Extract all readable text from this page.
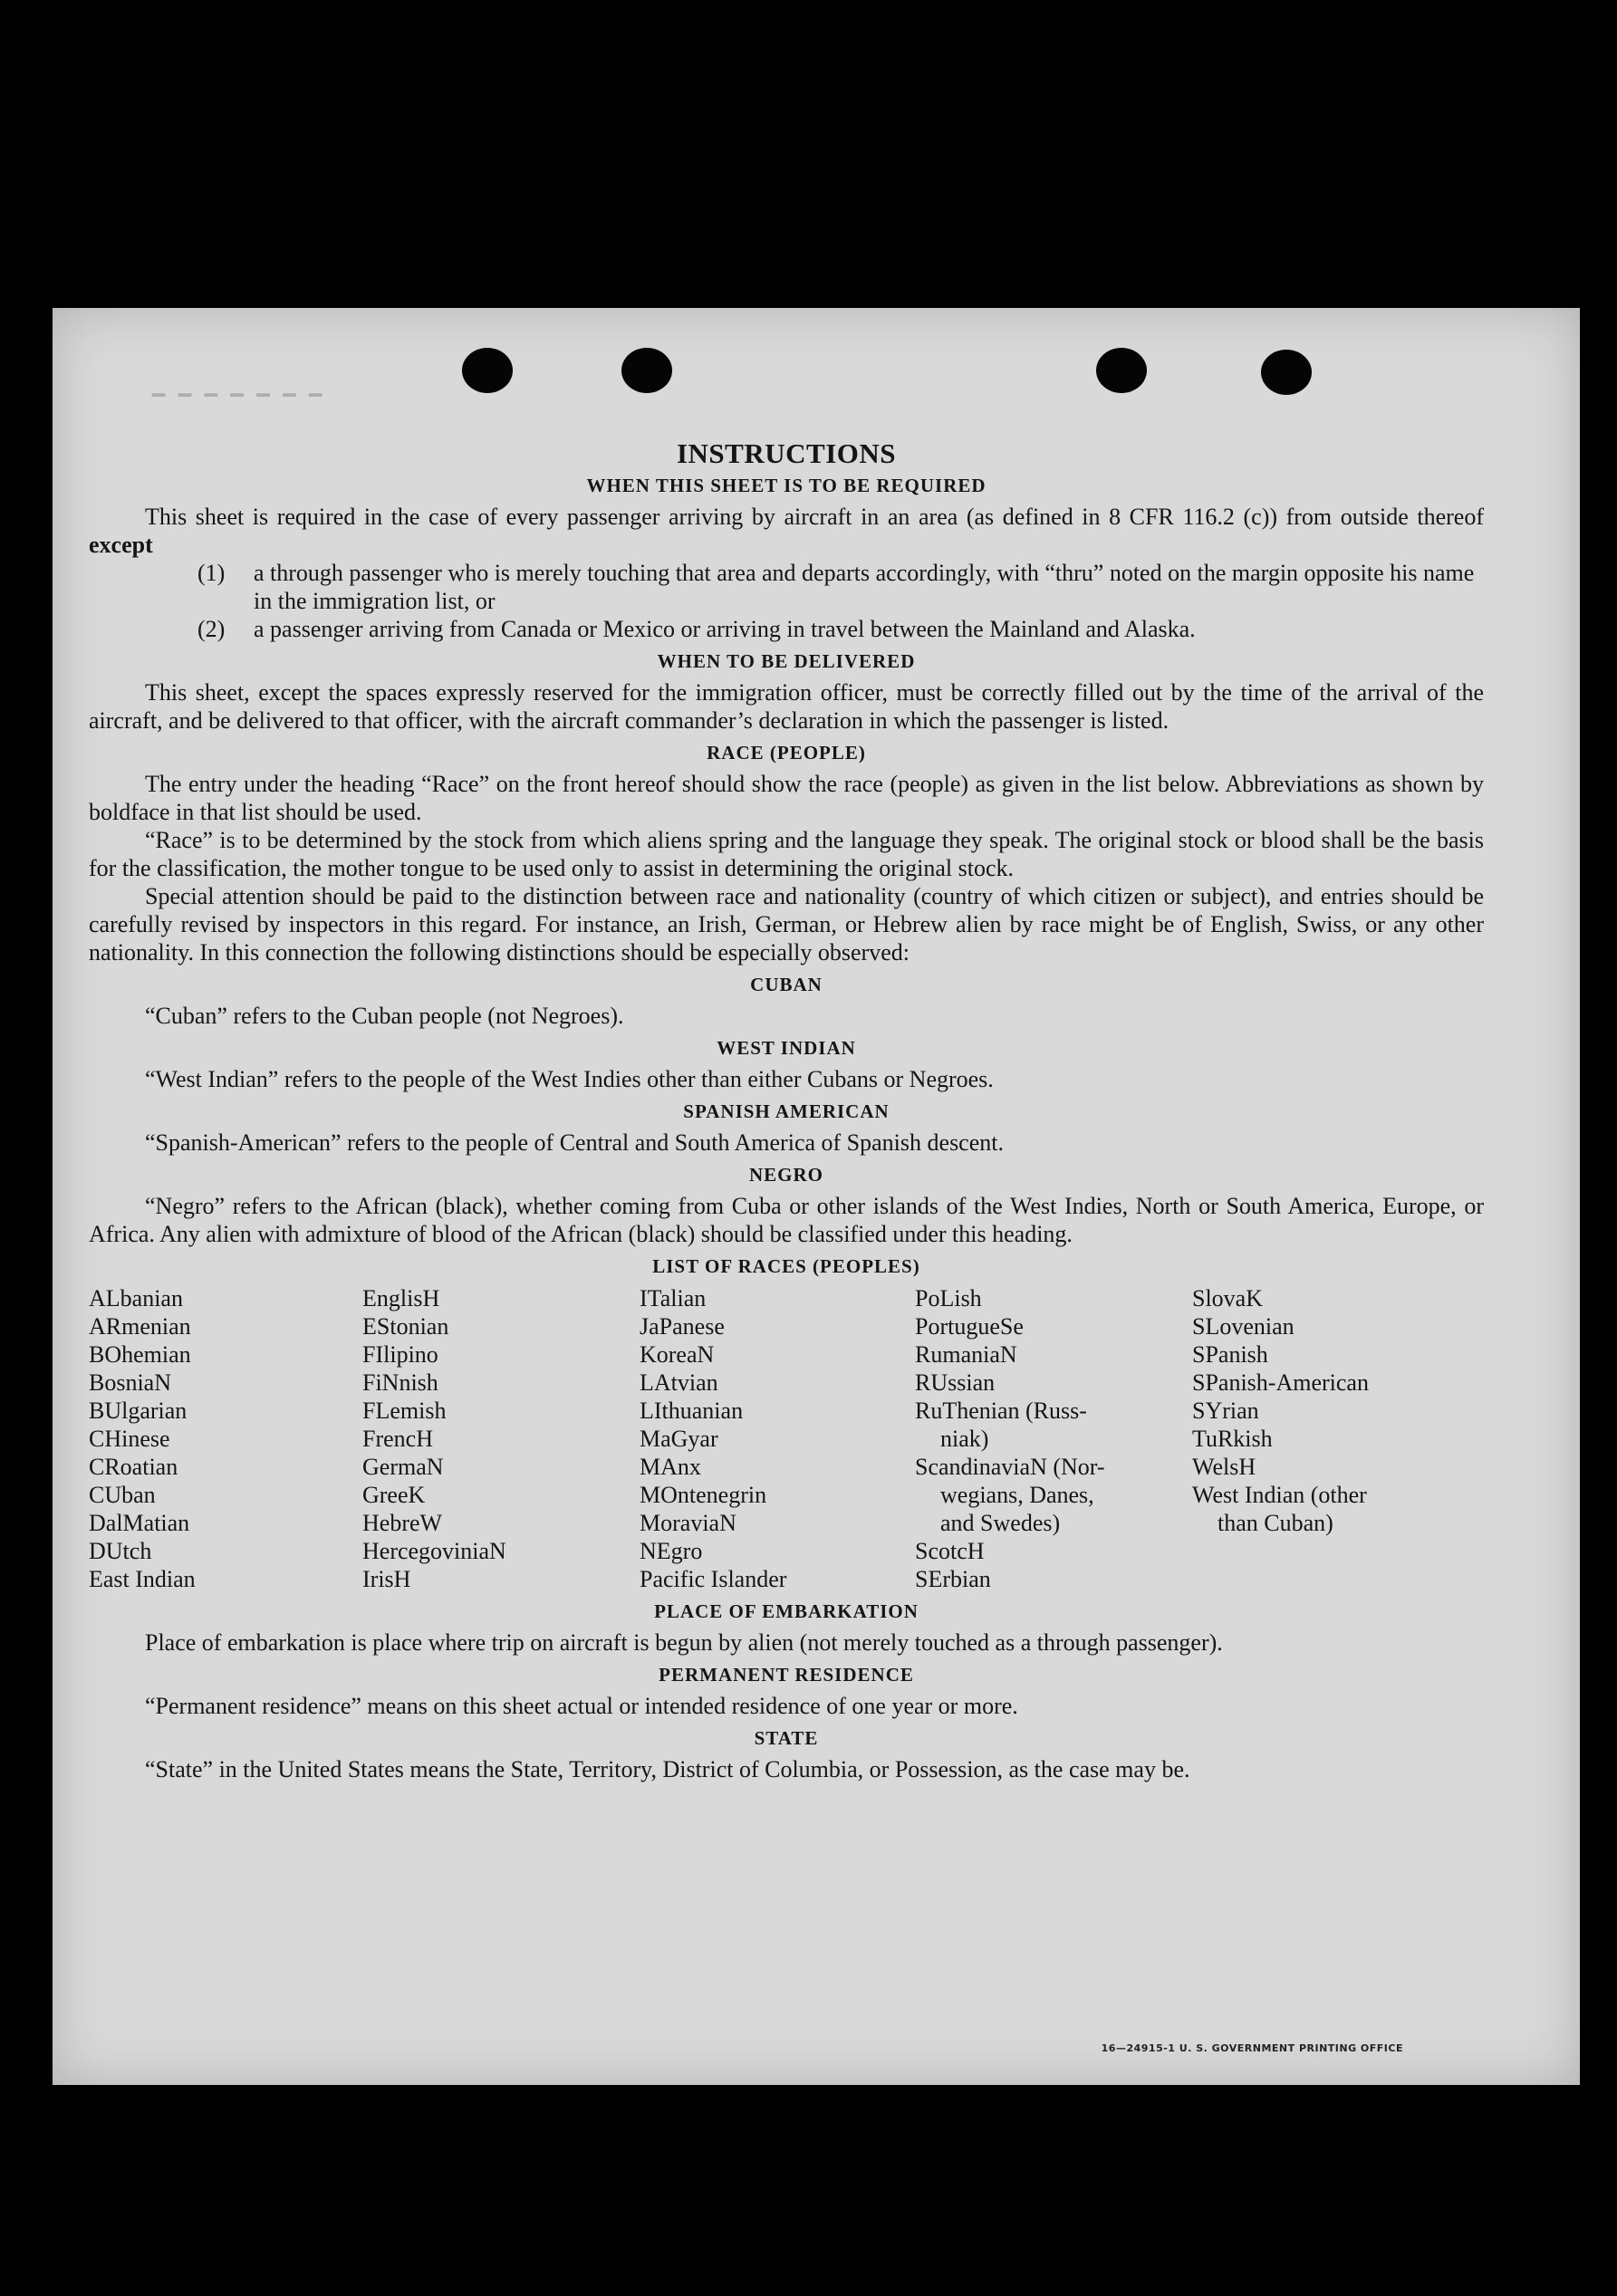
▁ ▁ ▁ ▁ ▁ ▁ ▁
INSTRUCTIONS
WHEN THIS SHEET IS TO BE REQUIRED

This sheet is required in the case of every passenger arriving by aircraft in an area (as defined in 8 CFR 116.2 (c)) from outside thereof except

(1)	a through passenger who is merely touching that area and departs accordingly, with “thru” noted on the margin opposite his name in the immigration list, or
(2)	a passenger arriving from Canada or Mexico or arriving in travel between the Mainland and Alaska.
WHEN TO BE DELIVERED

This sheet, except the spaces expressly reserved for the immigration officer, must be correctly filled out by the time of the arrival of the aircraft, and be delivered to that officer, with the aircraft commander’s declaration in which the passenger is listed.

RACE (PEOPLE)

The entry under the heading “Race” on the front hereof should show the race (people) as given in the list below. Abbreviations as shown by boldface in that list should be used.

“Race” is to be determined by the stock from which aliens spring and the language they speak. The original stock or blood shall be the basis for the classification, the mother tongue to be used only to assist in determining the original stock.

Special attention should be paid to the distinction between race and nationality (country of which citizen or subject), and entries should be carefully revised by inspectors in this regard. For instance, an Irish, German, or Hebrew alien by race might be of English, Swiss, or any other nationality. In this connection the following distinctions should be especially observed:

CUBAN

“Cuban” refers to the Cuban people (not Negroes).

WEST INDIAN

“West Indian” refers to the people of the West Indies other than either Cubans or Negroes.

SPANISH AMERICAN

“Spanish-American” refers to the people of Central and South America of Spanish descent.

NEGRO

“Negro” refers to the African (black), whether coming from Cuba or other islands of the West Indies, North or South America, Europe, or Africa. Any alien with admixture of blood of the African (black) should be classified under this heading.

LIST OF RACES (PEOPLES)
ALbanian
ARmenian
BOhemian
BosniaN
BUlgarian
CHinese
CRoatian
CUban
DalMatian
DUtch
East Indian
EnglisH
EStonian
FIlipino
FiNnish
FLemish
FrencH
GermaN
GreeK
HebreW
HercegoviniaN
IrisH
ITalian
JaPanese
KoreaN
LAtvian
LIthuanian
MaGyar
MAnx
MOntenegrin
MoraviaN
NEgro
Pacific Islander
PoLish
PortugueSe
RumaniaN
RUssian
RuThenian (Russ-
niak)
ScandinaviaN (Nor-
wegians, Danes,
and Swedes)
ScotcH
SErbian
SlovaK
SLovenian
SPanish
SPanish-American
SYrian
TuRkish
WelsH
West Indian (other
than Cuban)
PLACE OF EMBARKATION

Place of embarkation is place where trip on aircraft is begun by alien (not merely touched as a through passenger).

PERMANENT RESIDENCE

“Permanent residence” means on this sheet actual or intended residence of one year or more.

STATE

“State” in the United States means the State, Territory, District of Columbia, or Possession, as the case may be.

16—24915-1 U. S. GOVERNMENT PRINTING OFFICE
